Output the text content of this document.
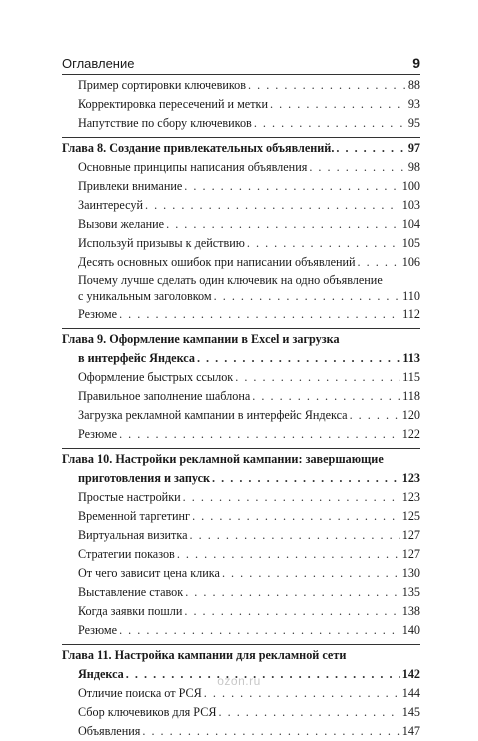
Оглавление	9
Пример сортировки ключевиков . . .	88
Корректировка пересечений и метки . . .	93
Напутствие по сбору ключевиков . . .	95
Глава 8. Создание привлекательных объявлений. . . .	97
Основные принципы написания объявления . . .	98
Привлеки внимание . . .	100
Заинтересуй . . .	103
Вызови желание . . .	104
Используй призывы к действию . . .	105
Десять основных ошибок при написании объявлений . . .	106
Почему лучше сделать один ключевик на одно объявление
с уникальным заголовком . . .	110
Резюме . . .	112
Глава 9. Оформление кампании в Excel и загрузка
в интерфейс Яндекса . . .	113
Оформление быстрых ссылок . . .	115
Правильное заполнение шаблона . . .	118
Загрузка рекламной кампании в интерфейс Яндекса . . .	120
Резюме . . .	122
Глава 10. Настройки рекламной кампании: завершающие
приготовления и запуск . . .	123
Простые настройки . . .	123
Временной таргетинг . . .	125
Виртуальная визитка . . .	127
Стратегии показов . . .	127
От чего зависит цена клика . . .	130
Выставление ставок . . .	135
Когда заявки пошли . . .	138
Резюме . . .	140
Глава 11. Настройка кампании для рекламной сети
Яндекса . . .	142
Отличие поиска от РСЯ . . .	144
Сбор ключевиков для РСЯ . . .	145
Объявления . . .	147
ozon.ru
